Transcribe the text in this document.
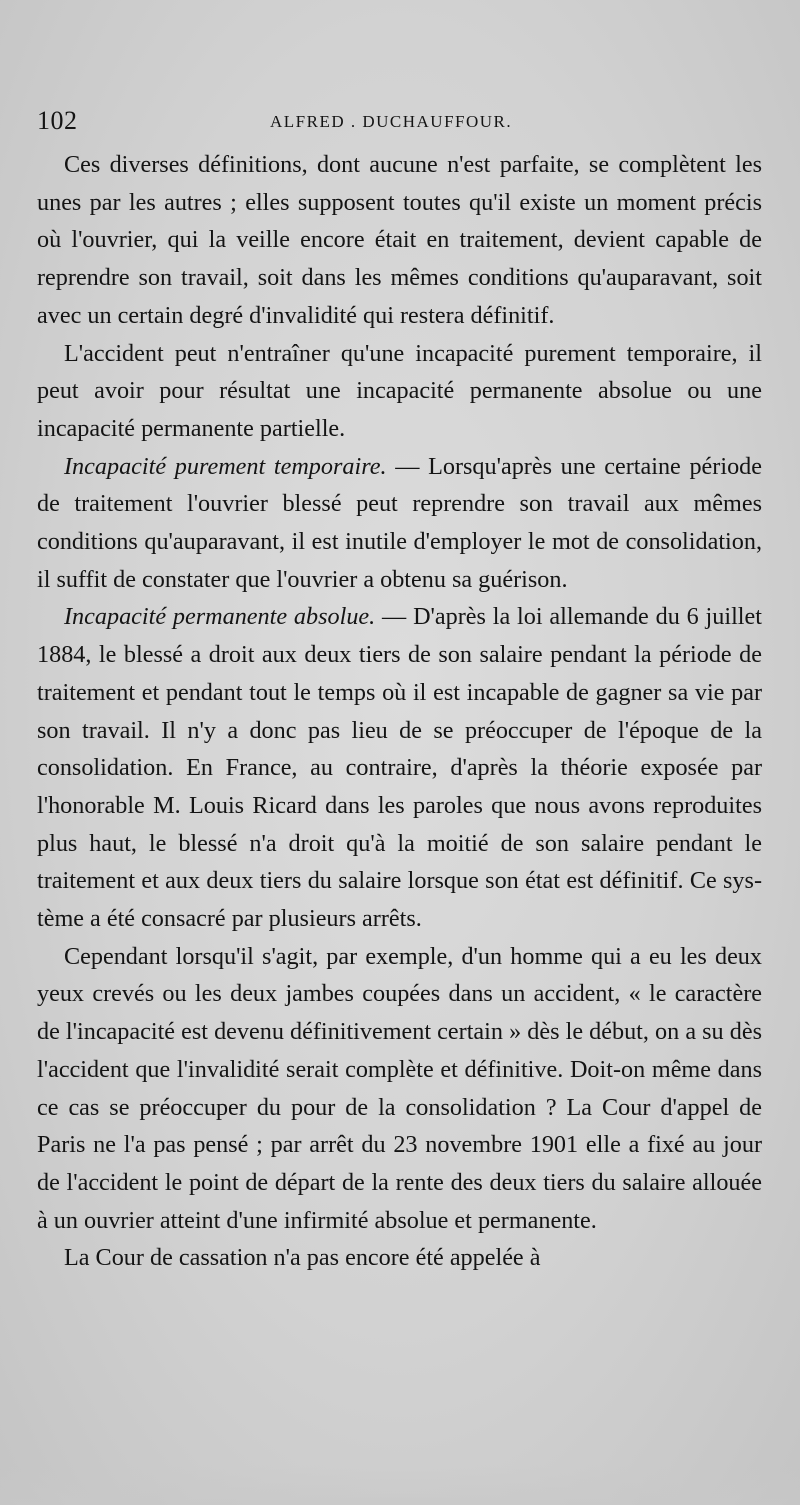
102	ALFRED . DUCHAUFFOUR.

Ces diverses définitions, dont aucune n'est parfaite, se complètent les unes par les autres ; elles supposent toutes qu'il existe un moment précis où l'ouvrier, qui la veille encore était en traitement, devient capable de reprendre son travail, soit dans les mêmes conditions qu'auparavant, soit avec un certain degré d'invalidité qui restera définitif.

L'accident peut n'entraîner qu'une incapacité purement temporaire, il peut avoir pour résultat une incapacité permanente absolue ou une incapacité permanente partielle.

Incapacité purement temporaire. — Lorsqu'après une certaine période de traitement l'ouvrier blessé peut reprendre son travail aux mêmes conditions qu'auparavant, il est inutile d'employer le mot de consolidation, il suffit de constater que l'ouvrier a obtenu sa guérison.

Incapacité permanente absolue. — D'après la loi allemande du 6 juillet 1884, le blessé a droit aux deux tiers de son salaire pendant la période de traitement et pendant tout le temps où il est incapable de gagner sa vie par son travail. Il n'y a donc pas lieu de se préoccuper de l'époque de la consolidation. En France, au contraire, d'après la théorie exposée par l'honorable M. Louis Ricard dans les paroles que nous avons reproduites plus haut, le blessé n'a droit qu'à la moitié de son salaire pendant le traitement et aux deux tiers du salaire lorsque son état est définitif. Ce système a été consacré par plusieurs arrêts.

Cependant lorsqu'il s'agit, par exemple, d'un homme qui a eu les deux yeux crevés ou les deux jambes coupées dans un accident, « le caractère de l'incapacité est devenu définitivement certain » dès le début, on a su dès l'accident que l'invalidité serait complète et définitive. Doit-on même dans ce cas se préoccuper du pour de la consolidation ? La Cour d'appel de Paris ne l'a pas pensé ; par arrêt du 23 novembre 1901 elle a fixé au jour de l'accident le point de départ de la rente des deux tiers du salaire allouée à un ouvrier atteint d'une infirmité absolue et permanente.

La Cour de cassation n'a pas encore été appelée à
